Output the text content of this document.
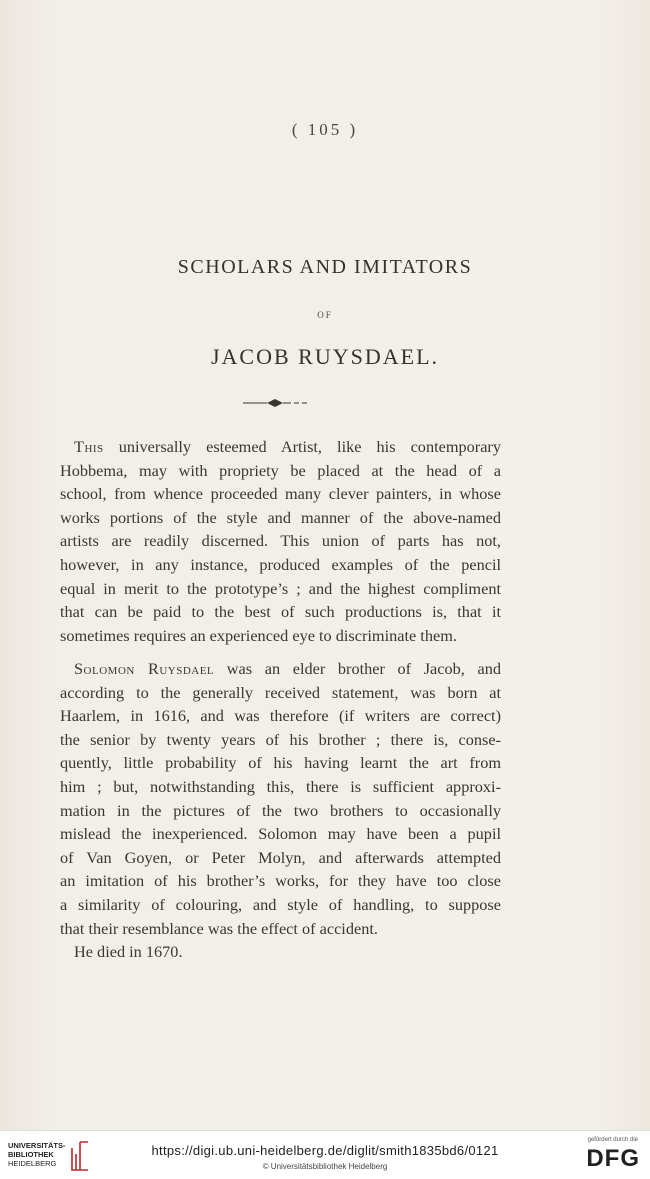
( 105 )
SCHOLARS AND IMITATORS
OF
JACOB RUYSDAEL.
This universally esteemed Artist, like his contemporary
Hobbema, may with propriety be placed at the head of a
school, from whence proceeded many clever painters, in whose
works portions of the style and manner of the above-named
artists are readily discerned. This union of parts has not,
however, in any instance, produced examples of the pencil
equal in merit to the prototype’s ; and the highest compliment
that can be paid to the best of such productions is, that it
sometimes requires an experienced eye to discriminate them.
Solomon Ruysdael was an elder brother of Jacob, and
according to the generally received statement, was born at
Haarlem, in 1616, and was therefore (if writers are correct)
the senior by twenty years of his brother ; there is, conse-
quently, little probability of his having learnt the art from
him ; but, notwithstanding this, there is sufficient approxi-
mation in the pictures of the two brothers to occasionally
mislead the inexperienced. Solomon may have been a pupil
of Van Goyen, or Peter Molyn, and afterwards attempted
an imitation of his brother’s works, for they have too close
a similarity of colouring, and style of handling, to suppose
that their resemblance was the effect of accident.
He died in 1670.
UNIVERSITÄTS-
BIBLIOTHEK
HEIDELBERG
https://digi.ub.uni-heidelberg.de/diglit/smith1835bd6/0121
© Universitätsbibliothek Heidelberg
gefördert durch die
DFG
